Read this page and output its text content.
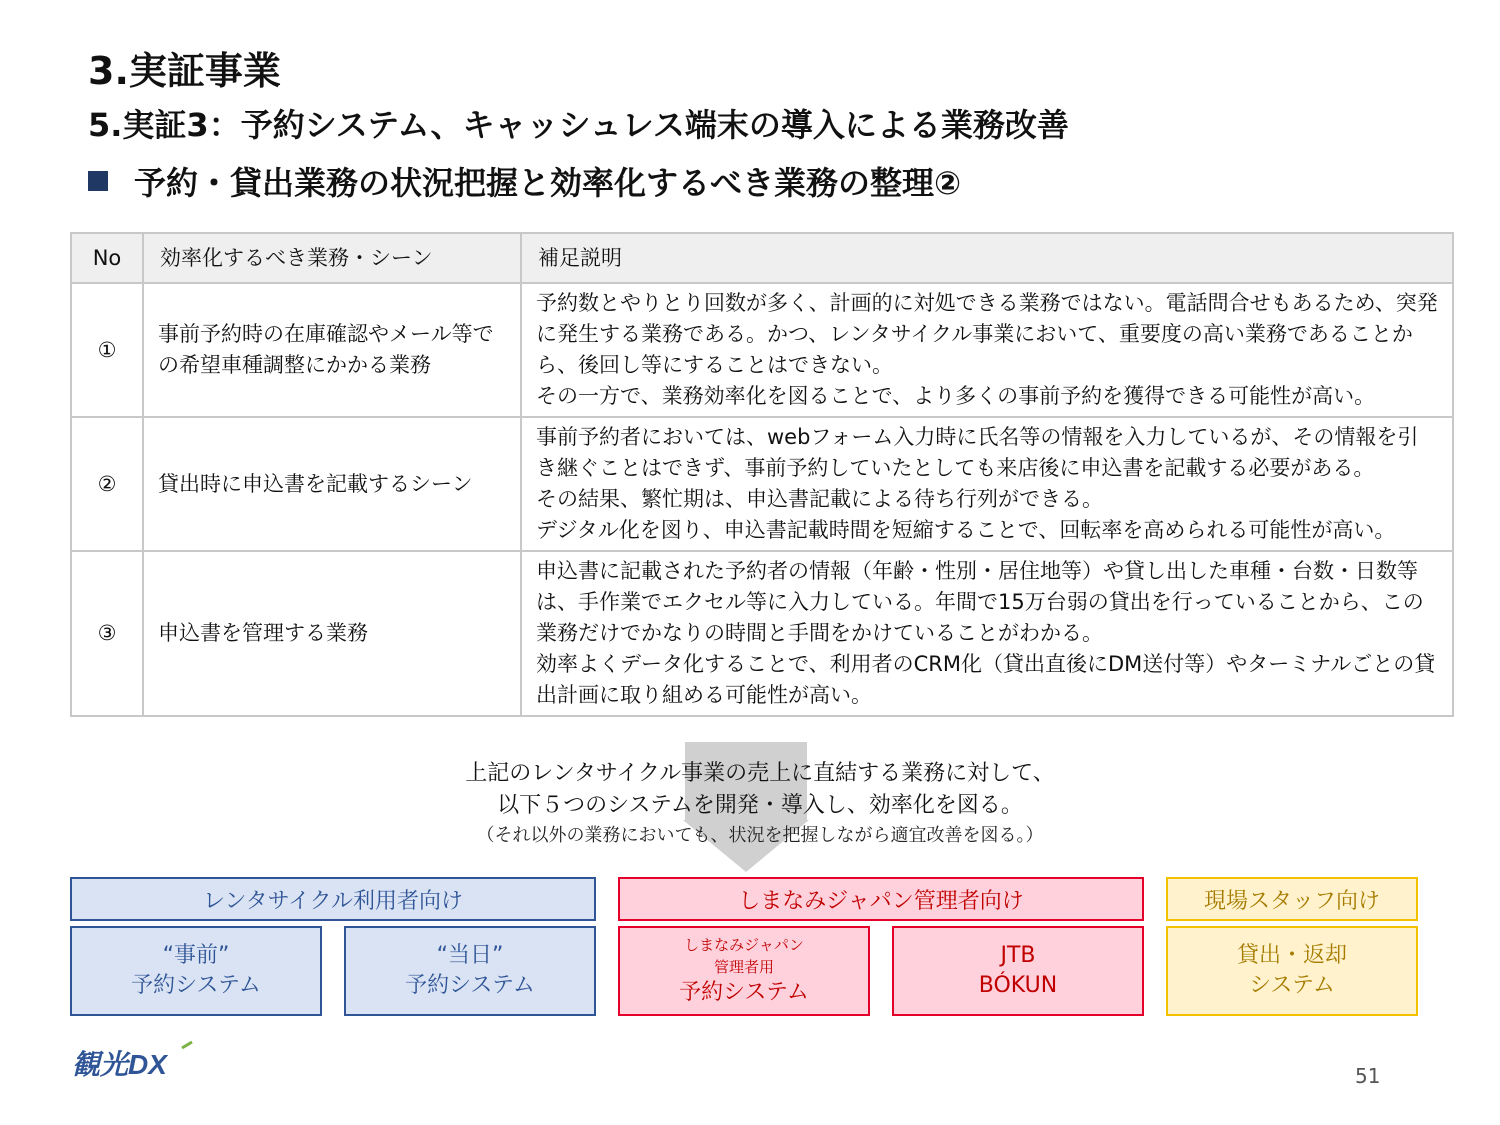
3.実証事業
5.実証3：予約システム、キャッシュレス端末の導入による業務改善
予約・貸出業務の状況把握と効率化するべき業務の整理②
No	効率化するべき業務・シーン	補足説明
①	事前予約時の在庫確認やメール等での希望車種調整にかかる業務	予約数とやりとり回数が多く、計画的に対処できる業務ではない。電話問合せもあるため、突発に発生する業務である。かつ、レンタサイクル事業において、重要度の高い業務であることから、後回し等にすることはできない。
その一方で、業務効率化を図ることで、より多くの事前予約を獲得できる可能性が高い。
②	貸出時に申込書を記載するシーン	事前予約者においては、webフォーム入力時に氏名等の情報を入力しているが、その情報を引き継ぐことはできず、事前予約していたとしても来店後に申込書を記載する必要がある。
その結果、繁忙期は、申込書記載による待ち行列ができる。
デジタル化を図り、申込書記載時間を短縮することで、回転率を高められる可能性が高い。
③	申込書を管理する業務	申込書に記載された予約者の情報（年齢・性別・居住地等）や貸し出した車種・台数・日数等は、手作業でエクセル等に入力している。年間で15万台弱の貸出を行っていることから、この業務だけでかなりの時間と手間をかけていることがわかる。
効率よくデータ化することで、利用者のCRM化（貸出直後にDM送付等）やターミナルごとの貸出計画に取り組める可能性が高い。
上記のレンタサイクル事業の売上に直結する業務に対して、
以下５つのシステムを開発・導入し、効率化を図る。
（それ以外の業務においても、状況を把握しながら適宜改善を図る。）
レンタサイクル利用者向け	しまなみジャパン管理者向け	現場スタッフ向け
“事前”
予約システム
“当日”
予約システム
しまなみジャパン
管理者用
予約システム
JTB
BÓKUN
貸出・返却
システム
観光DX	51
